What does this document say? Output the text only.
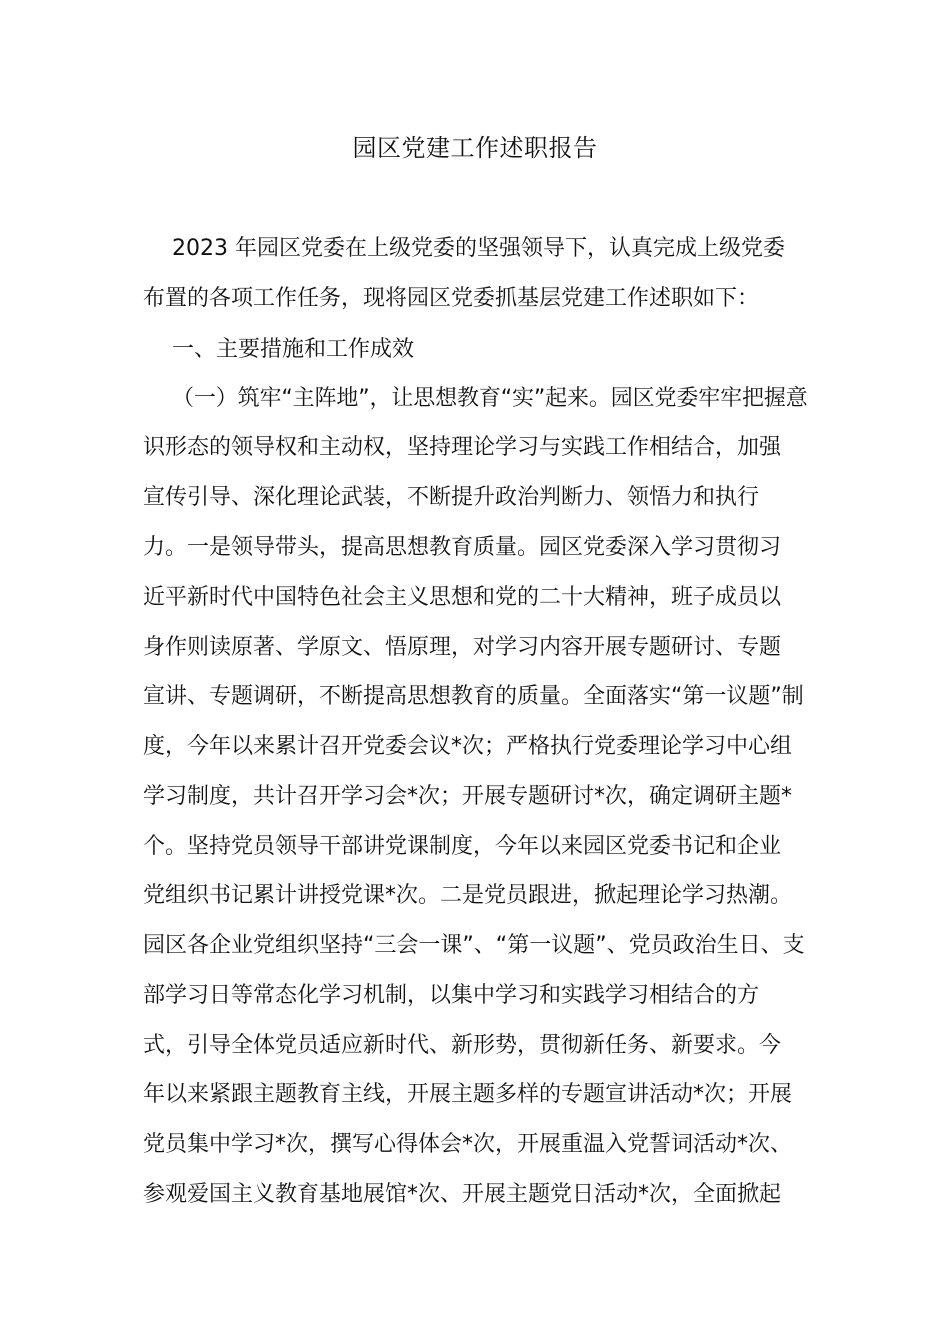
园区党建工作述职报告

2023 年园区党委在上级党委的坚强领导下，认真完成上级党委

布置的各项工作任务，现将园区党委抓基层党建工作述职如下：

一、主要措施和工作成效

（一）筑牢“主阵地”，让思想教育“实”起来。园区党委牢牢把握意

识形态的领导权和主动权，坚持理论学习与实践工作相结合，加强

宣传引导、深化理论武装，不断提升政治判断力、领悟力和执行

力。一是领导带头，提高思想教育质量。园区党委深入学习贯彻习

近平新时代中国特色社会主义思想和党的二十大精神，班子成员以

身作则读原著、学原文、悟原理，对学习内容开展专题研讨、专题

宣讲、专题调研，不断提高思想教育的质量。全面落实“第一议题”制

度，今年以来累计召开党委会议*次；严格执行党委理论学习中心组

学习制度，共计召开学习会*次；开展专题研讨*次，确定调研主题*

个。坚持党员领导干部讲党课制度，今年以来园区党委书记和企业

党组织书记累计讲授党课*次。二是党员跟进，掀起理论学习热潮。

园区各企业党组织坚持“三会一课”、“第一议题”、党员政治生日、支

部学习日等常态化学习机制，以集中学习和实践学习相结合的方

式，引导全体党员适应新时代、新形势，贯彻新任务、新要求。今

年以来紧跟主题教育主线，开展主题多样的专题宣讲活动*次；开展

党员集中学习*次，撰写心得体会*次，开展重温入党誓词活动*次、

参观爱国主义教育基地展馆*次、开展主题党日活动*次，全面掀起
